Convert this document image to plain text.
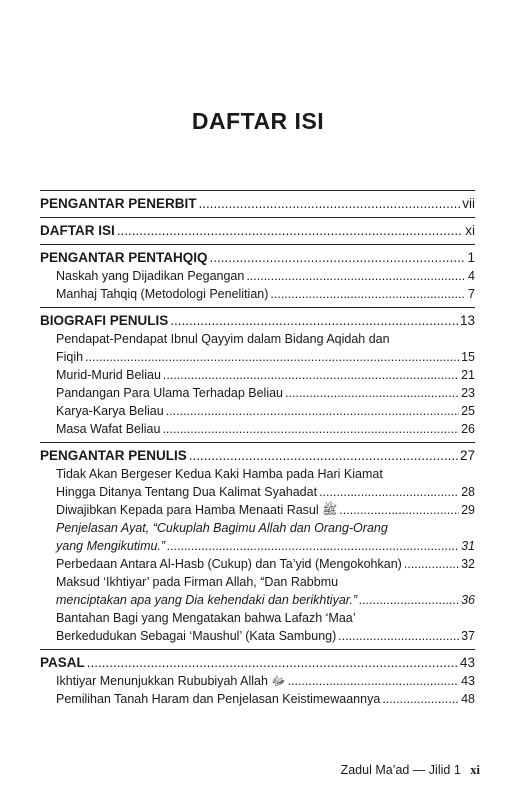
DAFTAR ISI
PENGANTAR PENERBIT .....	vii
DAFTAR ISI .....	xi
PENGANTAR PENTAHQIQ .....	1
Naskah yang Dijadikan Pegangan .....	4
Manhaj Tahqiq (Metodologi Penelitian) .....	7
BIOGRAFI PENULIS .....	13
Pendapat-Pendapat Ibnul Qayyim dalam Bidang Aqidah dan
Fiqih .....	15
Murid-Murid Beliau .....	21
Pandangan Para Ulama Terhadap Beliau .....	23
Karya-Karya Beliau .....	25
Masa Wafat Beliau .....	26
PENGANTAR PENULIS .....	27
Tidak Akan Bergeser Kedua Kaki Hamba pada Hari Kiamat
Hingga Ditanya Tentang Dua Kalimat Syahadat .....	28
Diwajibkan Kepada para Hamba Menaati Rasul ﷺ .....	29
Penjelasan Ayat, “Cukuplah Bagimu Allah dan Orang-Orang
yang Mengikutimu.” .....	31
Perbedaan Antara Al-Hasb (Cukup) dan Ta’yid (Mengokohkan) .....	32
Maksud ‘Ikhtiyar’ pada Firman Allah, “Dan Rabbmu
menciptakan apa yang Dia kehendaki dan berikhtiyar.” .....	36
Bantahan Bagi yang Mengatakan bahwa Lafazh ‘Maa’
Berkedudukan Sebagai ‘Maushul’ (Kata Sambung) .....	37
PASAL .....	43
Ikhtiyar Menunjukkan Rububiyah Allah ﷻ .....	43
Pemilihan Tanah Haram dan Penjelasan Keistimewaannya .....	48
Zadul Ma’ad — Jilid 1 xi
